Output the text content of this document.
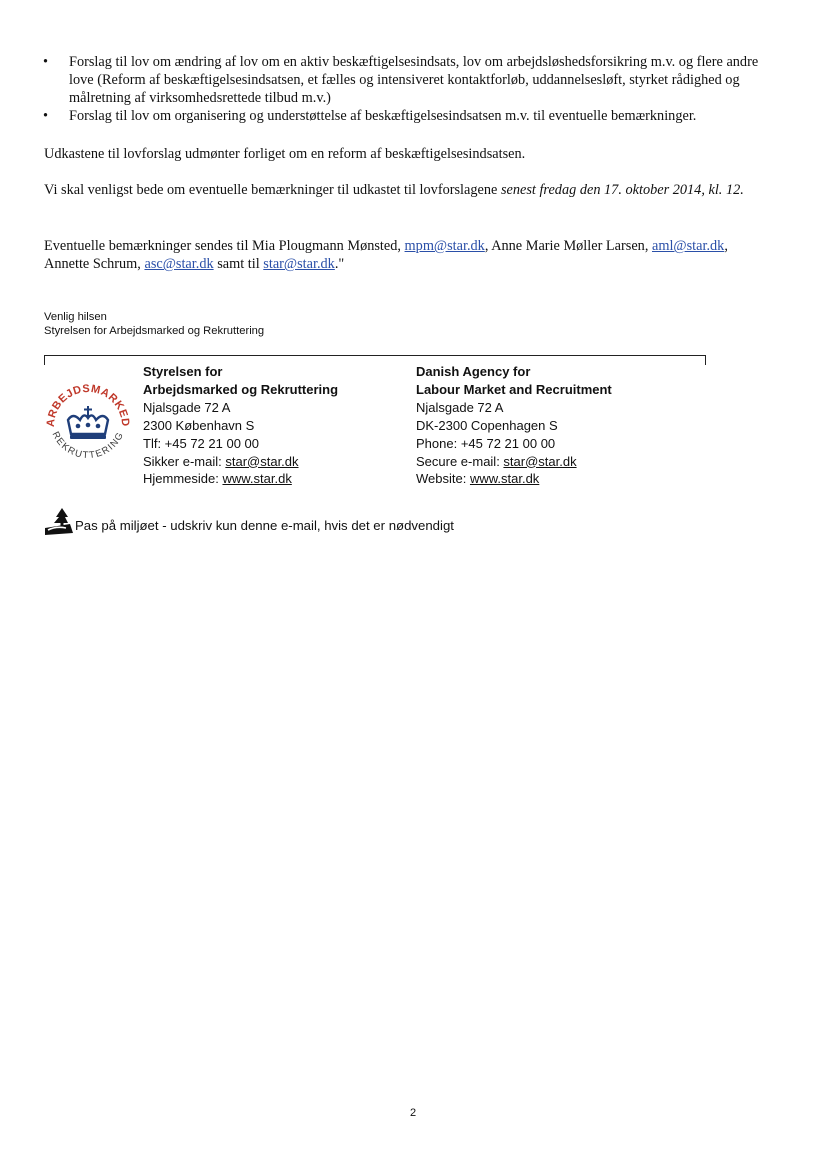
• Forslag til lov om ændring af lov om en aktiv beskæftigelsesindsats, lov om arbejdsløshedsforsikring m.v. og flere andre love (Reform af beskæftigelsesindsatsen, et fælles og intensiveret kontaktforløb, uddannelsesløft, styrket rådighed og målretning af virksomhedsrettede tilbud m.v.)
• Forslag til lov om organisering og understøttelse af beskæftigelsesindsatsen m.v. til eventuelle bemærkninger.

Udkastene til lovforslag udmønter forliget om en reform af beskæftigelsesindsatsen.

Vi skal venligst bede om eventuelle bemærkninger til udkastet til lovforslagene senest fredag den 17. oktober 2014, kl. 12.

Eventuelle bemærkninger sendes til Mia Plougmann Mønsted, mpm@star.dk, Anne Marie Møller Larsen, aml@star.dk, Annette Schrum, asc@star.dk samt til star@star.dk."

Venlig hilsen
Styrelsen for Arbejdsmarked og Rekruttering
ARBEJDSMARKED
REKRUTTERING
Styrelsen for
Arbejdsmarked og Rekruttering
Njalsgade 72 A
2300 København S
Tlf: +45 72 21 00 00
Sikker e-mail: star@star.dk
Hjemmeside: www.star.dk
Danish Agency for
Labour Market and Recruitment
Njalsgade 72 A
DK-2300 Copenhagen S
Phone: +45 72 21 00 00
Secure e-mail: star@star.dk
Website: www.star.dk
Pas på miljøet - udskriv kun denne e-mail, hvis det er nødvendigt
2
